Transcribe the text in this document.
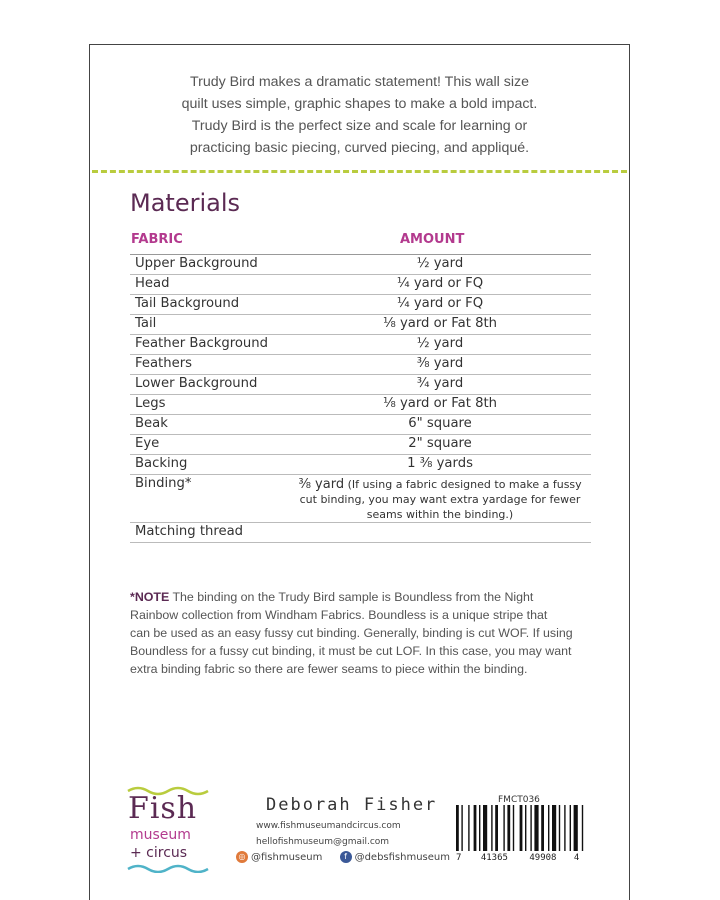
Trudy Bird makes a dramatic statement! This wall size
quilt uses simple, graphic shapes to make a bold impact.
Trudy Bird is the perfect size and scale for learning or
practicing basic piecing, curved piecing, and appliqué.
Materials
FABRIC	AMOUNT
Upper Background	½ yard
Head	¼ yard or FQ
Tail Background	¼ yard or FQ
Tail	⅛ yard or Fat 8th
Feather Background	½ yard
Feathers	⅜ yard
Lower Background	¾ yard
Legs	⅛ yard or Fat 8th
Beak	6" square
Eye	2" square
Backing	1 ⅜ yards
Binding*	⅜ yard (If using a fabric designed to make a fussy cut binding, you may want extra yardage for fewer seams within the binding.)
Matching thread
*NOTE The binding on the Trudy Bird sample is Boundless from the Night
Rainbow collection from Windham Fabrics. Boundless is a unique stripe that
can be used as an easy fussy cut binding. Generally, binding is cut WOF. If using
Boundless for a fussy cut binding, it must be cut LOF. In this case, you may want
extra binding fabric so there are fewer seams to piece within the binding.
Fish
museum
+ circus
Deborah Fisher
www.fishmuseumandcircus.com
hellofishmuseum@gmail.com
◎ @fishmuseum	f @debsfishmuseum
FMCT036
7 41365 49908 4
